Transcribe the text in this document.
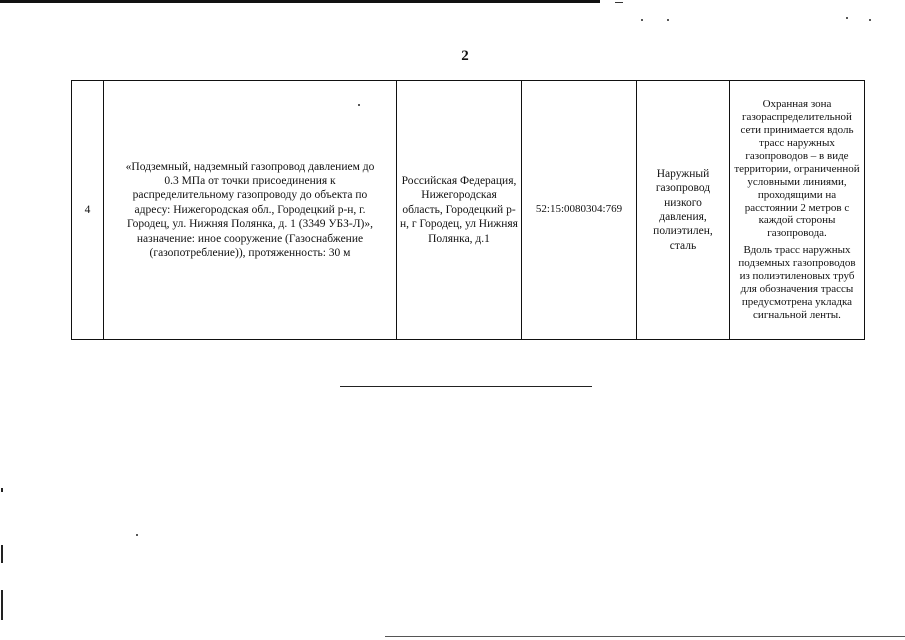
2
4	«Подземный, надземный газопровод давлением до 0.3 МПа от точки присоединения к распределительному газопроводу до объекта по адресу: Нижегородская обл., Городецкий р-н, г. Городец, ул. Нижняя Полянка, д. 1 (3349 УБЗ-Л)», назначение: иное сооружение (Газоснабжение (газопотребление)), протяженность: 30 м	Российская Федерация, Нижегородская область, Городецкий р-н, г Городец, ул Нижняя Полянка, д.1	52:15:0080304:769	Наружный газопровод низкого давления, полиэтилен, сталь	Охранная зона газораспределительной сети принимается вдоль трасс наружных газопроводов – в виде территории, ограниченной условными линиями, проходящими на расстоянии 2 метров с каждой стороны газопровода.
Вдоль трасс наружных подземных газопроводов из полиэтиленовых труб для обозначения трассы предусмотрена укладка сигнальной ленты.
